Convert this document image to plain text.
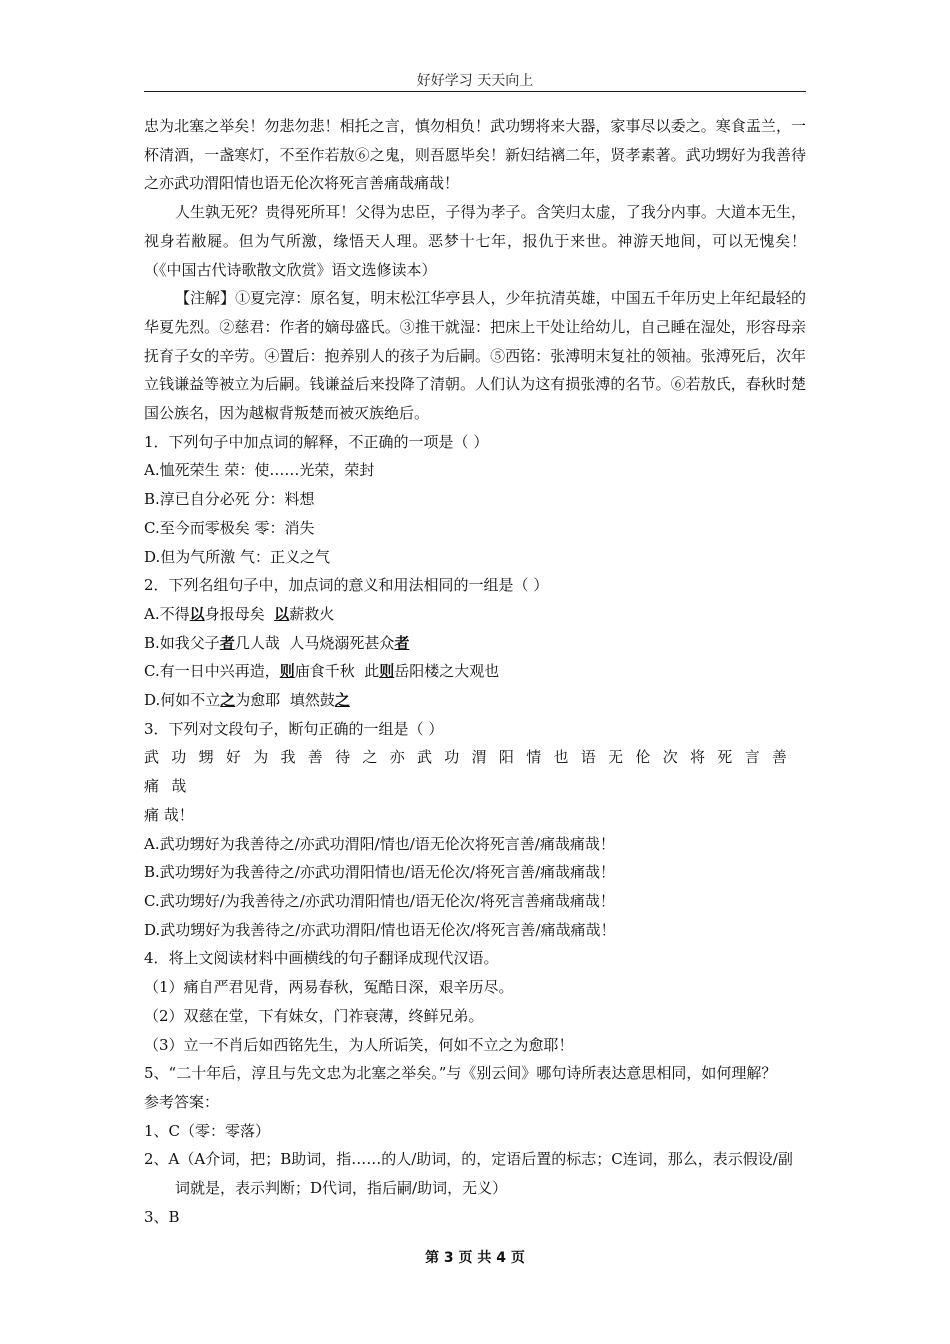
好好学习 天天向上

忠为北塞之举矣！勿悲勿悲！相托之言，慎勿相负！武功甥将来大器，家事尽以委之。寒食盂兰，一杯清酒，一盏寒灯，不至作若敖⑥之鬼，则吾愿毕矣！新妇结褵二年，贤孝素著。武功甥好为我善待之亦武功渭阳情也语无伦次将死言善痛哉痛哉！

人生孰无死？贵得死所耳！父得为忠臣，子得为孝子。含笑归太虚，了我分内事。大道本无生，视身若敝屣。但为气所激，缘悟天人理。恶梦十七年，报仇于来世。神游天地间，可以无愧矣！（《中国古代诗歌散文欣赏》语文选修读本）

【注解】①夏完淳：原名复，明末松江华亭县人，少年抗清英雄，中国五千年历史上年纪最轻的华夏先烈。②慈君：作者的嫡母盛氏。③推干就湿：把床上干处让给幼儿，自己睡在湿处，形容母亲抚育子女的辛劳。④置后：抱养别人的孩子为后嗣。⑤西铭：张溥明末复社的领袖。张溥死后，次年立钱谦益等被立为后嗣。钱谦益后来投降了清朝。人们认为这有损张溥的名节。⑥若敖氏，春秋时楚国公族名，因为越椒背叛楚而被灭族绝后。

1．下列句子中加点词的解释，不正确的一项是（ ）

A.恤死荣生 荣：使……光荣，荣封

B.淳已自分必死 分：料想

C.至今而零极矣 零：消失

D.但为气所激 气：正义之气

2．下列名组句子中，加点词的意义和用法相同的一组是（ ）

A.不得以身报母矣  以薪救火

B.如我父子者几人哉  人马烧溺死甚众者

C.有一日中兴再造，则庙食千秋  此则岳阳楼之大观也

D.何如不立之为愈耶  填然鼓之

3．下列对文段句子，断句正确的一组是（ ）

武功甥好为我善待之亦武功渭阳情也语无伦次将死言善痛哉

痛 哉！

A.武功甥好为我善待之/亦武功渭阳/情也/语无伦次将死言善/痛哉痛哉！

B.武功甥好为我善待之/亦武功渭阳情也/语无伦次/将死言善/痛哉痛哉！

C.武功甥好/为我善待之/亦武功渭阳情也/语无伦次/将死言善痛哉痛哉！

D.武功甥好为我善待之/亦武功渭阳/情也语无伦次/将死言善/痛哉痛哉！

4．将上文阅读材料中画横线的句子翻译成现代汉语。

（1）痛自严君见背，两易春秋，冤酷日深，艰辛历尽。

（2）双慈在堂，下有妹女，门祚衰薄，终鲜兄弟。

（3）立一不肖后如西铭先生，为人所诟笑，何如不立之为愈耶！

5、“二十年后，淳且与先文忠为北塞之举矣。”与《别云间》哪句诗所表达意思相同，如何理解？

参考答案：

1、C（零：零落）

2、A（A介词，把；B助词，指……的人/助词，的，定语后置的标志；C连词，那么，表示假设/副词就是，表示判断；D代词，指后嗣/助词，无义）

3、B

第 3 页 共 4 页
